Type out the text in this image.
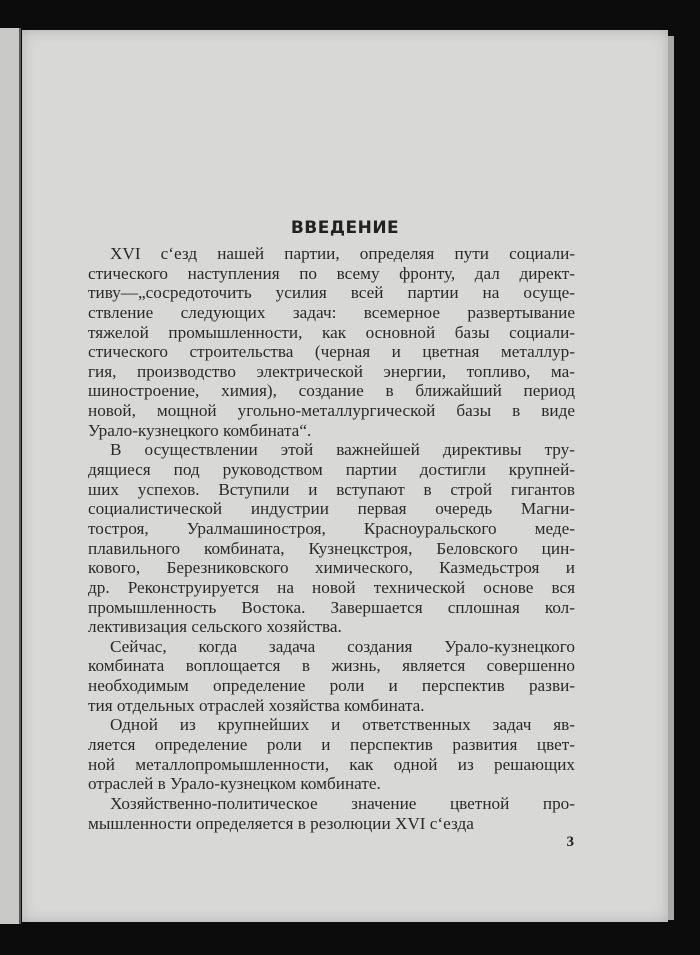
ВВЕДЕНИЕ
XVI с‘езд нашей партии, определяя пути социали-
стического наступления по всему фронту, дал директ-
тиву—„сосредоточить усилия всей партии на осуще-
ствление следующих задач: всемерное развертывание
тяжелой промышленности, как основной базы социали-
стического строительства (черная и цветная металлур-
гия, производство электрической энергии, топливо, ма-
шиностроение, химия), создание в ближайший период
новой, мощной угольно-металлургической базы в виде
Урало-кузнецкого комбината“.
В осуществлении этой важнейшей директивы тру-
дящиеся под руководством партии достигли крупней-
ших успехов. Вступили и вступают в строй гигантов
социалистической индустрии первая очередь Магни-
тостроя, Уралмашиностроя, Красноуральского меде-
плавильного комбината, Кузнецкстроя, Беловского цин-
кового, Березниковского химического, Казмедьстроя и
др. Реконструируется на новой технической основе вся
промышленность Востока. Завершается сплошная кол-
лективизация сельского хозяйства.
Сейчас, когда задача создания Урало-кузнецкого
комбината воплощается в жизнь, является совершенно
необходимым определение роли и перспектив разви-
тия отдельных отраслей хозяйства комбината.
Одной из крупнейших и ответственных задач яв-
ляется определение роли и перспектив развития цвет-
ной металлопромышленности, как одной из решающих
отраслей в Урало-кузнецком комбинате.
Хозяйственно-политическое значение цветной про-
мышленности определяется в резолюции XVI с‘езда
3
